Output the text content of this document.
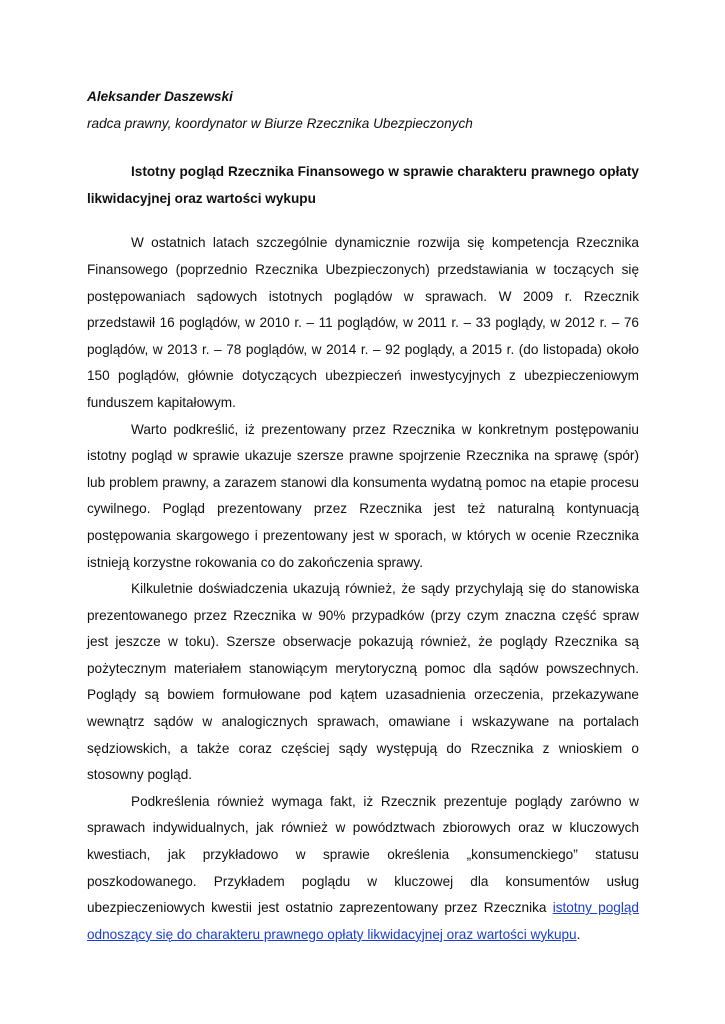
Aleksander Daszewski

radca prawny, koordynator w Biurze Rzecznika Ubezpieczonych

Istotny pogląd Rzecznika Finansowego w sprawie charakteru prawnego opłaty likwidacyjnej oraz wartości wykupu

W ostatnich latach szczególnie dynamicznie rozwija się kompetencja Rzecznika Finansowego (poprzednio Rzecznika Ubezpieczonych) przedstawiania w toczących się postępowaniach sądowych istotnych poglądów w sprawach. W 2009 r. Rzecznik przedstawił 16 poglądów, w 2010 r. – 11 poglądów, w 2011 r. – 33 poglądy, w 2012 r. – 76 poglądów, w 2013 r. – 78 poglądów, w 2014 r. – 92 poglądy, a 2015 r. (do listopada) około 150 poglądów, głównie dotyczących ubezpieczeń inwestycyjnych z ubezpieczeniowym funduszem kapitałowym.

Warto podkreślić, iż prezentowany przez Rzecznika w konkretnym postępowaniu istotny pogląd w sprawie ukazuje szersze prawne spojrzenie Rzecznika na sprawę (spór) lub problem prawny, a zarazem stanowi dla konsumenta wydatną pomoc na etapie procesu cywilnego. Pogląd prezentowany przez Rzecznika jest też naturalną kontynuacją postępowania skargowego i prezentowany jest w sporach, w których w ocenie Rzecznika istnieją korzystne rokowania co do zakończenia sprawy.

Kilkuletnie doświadczenia ukazują również, że sądy przychylają się do stanowiska prezentowanego przez Rzecznika w 90% przypadków (przy czym znaczna część spraw jest jeszcze w toku). Szersze obserwacje pokazują również, że poglądy Rzecznika są pożytecznym materiałem stanowiącym merytoryczną pomoc dla sądów powszechnych. Poglądy są bowiem formułowane pod kątem uzasadnienia orzeczenia, przekazywane wewnątrz sądów w analogicznych sprawach, omawiane i wskazywane na portalach sędziowskich, a także coraz częściej sądy występują do Rzecznika z wnioskiem o stosowny pogląd.

Podkreślenia również wymaga fakt, iż Rzecznik prezentuje poglądy zarówno w sprawach indywidualnych, jak również w powództwach zbiorowych oraz w kluczowych kwestiach, jak przykładowo w sprawie określenia „konsumenckiego” statusu poszkodowanego. Przykładem poglądu w kluczowej dla konsumentów usług ubezpieczeniowych kwestii jest ostatnio zaprezentowany przez Rzecznika istotny pogląd odnoszący się do charakteru prawnego opłaty likwidacyjnej oraz wartości wykupu.
